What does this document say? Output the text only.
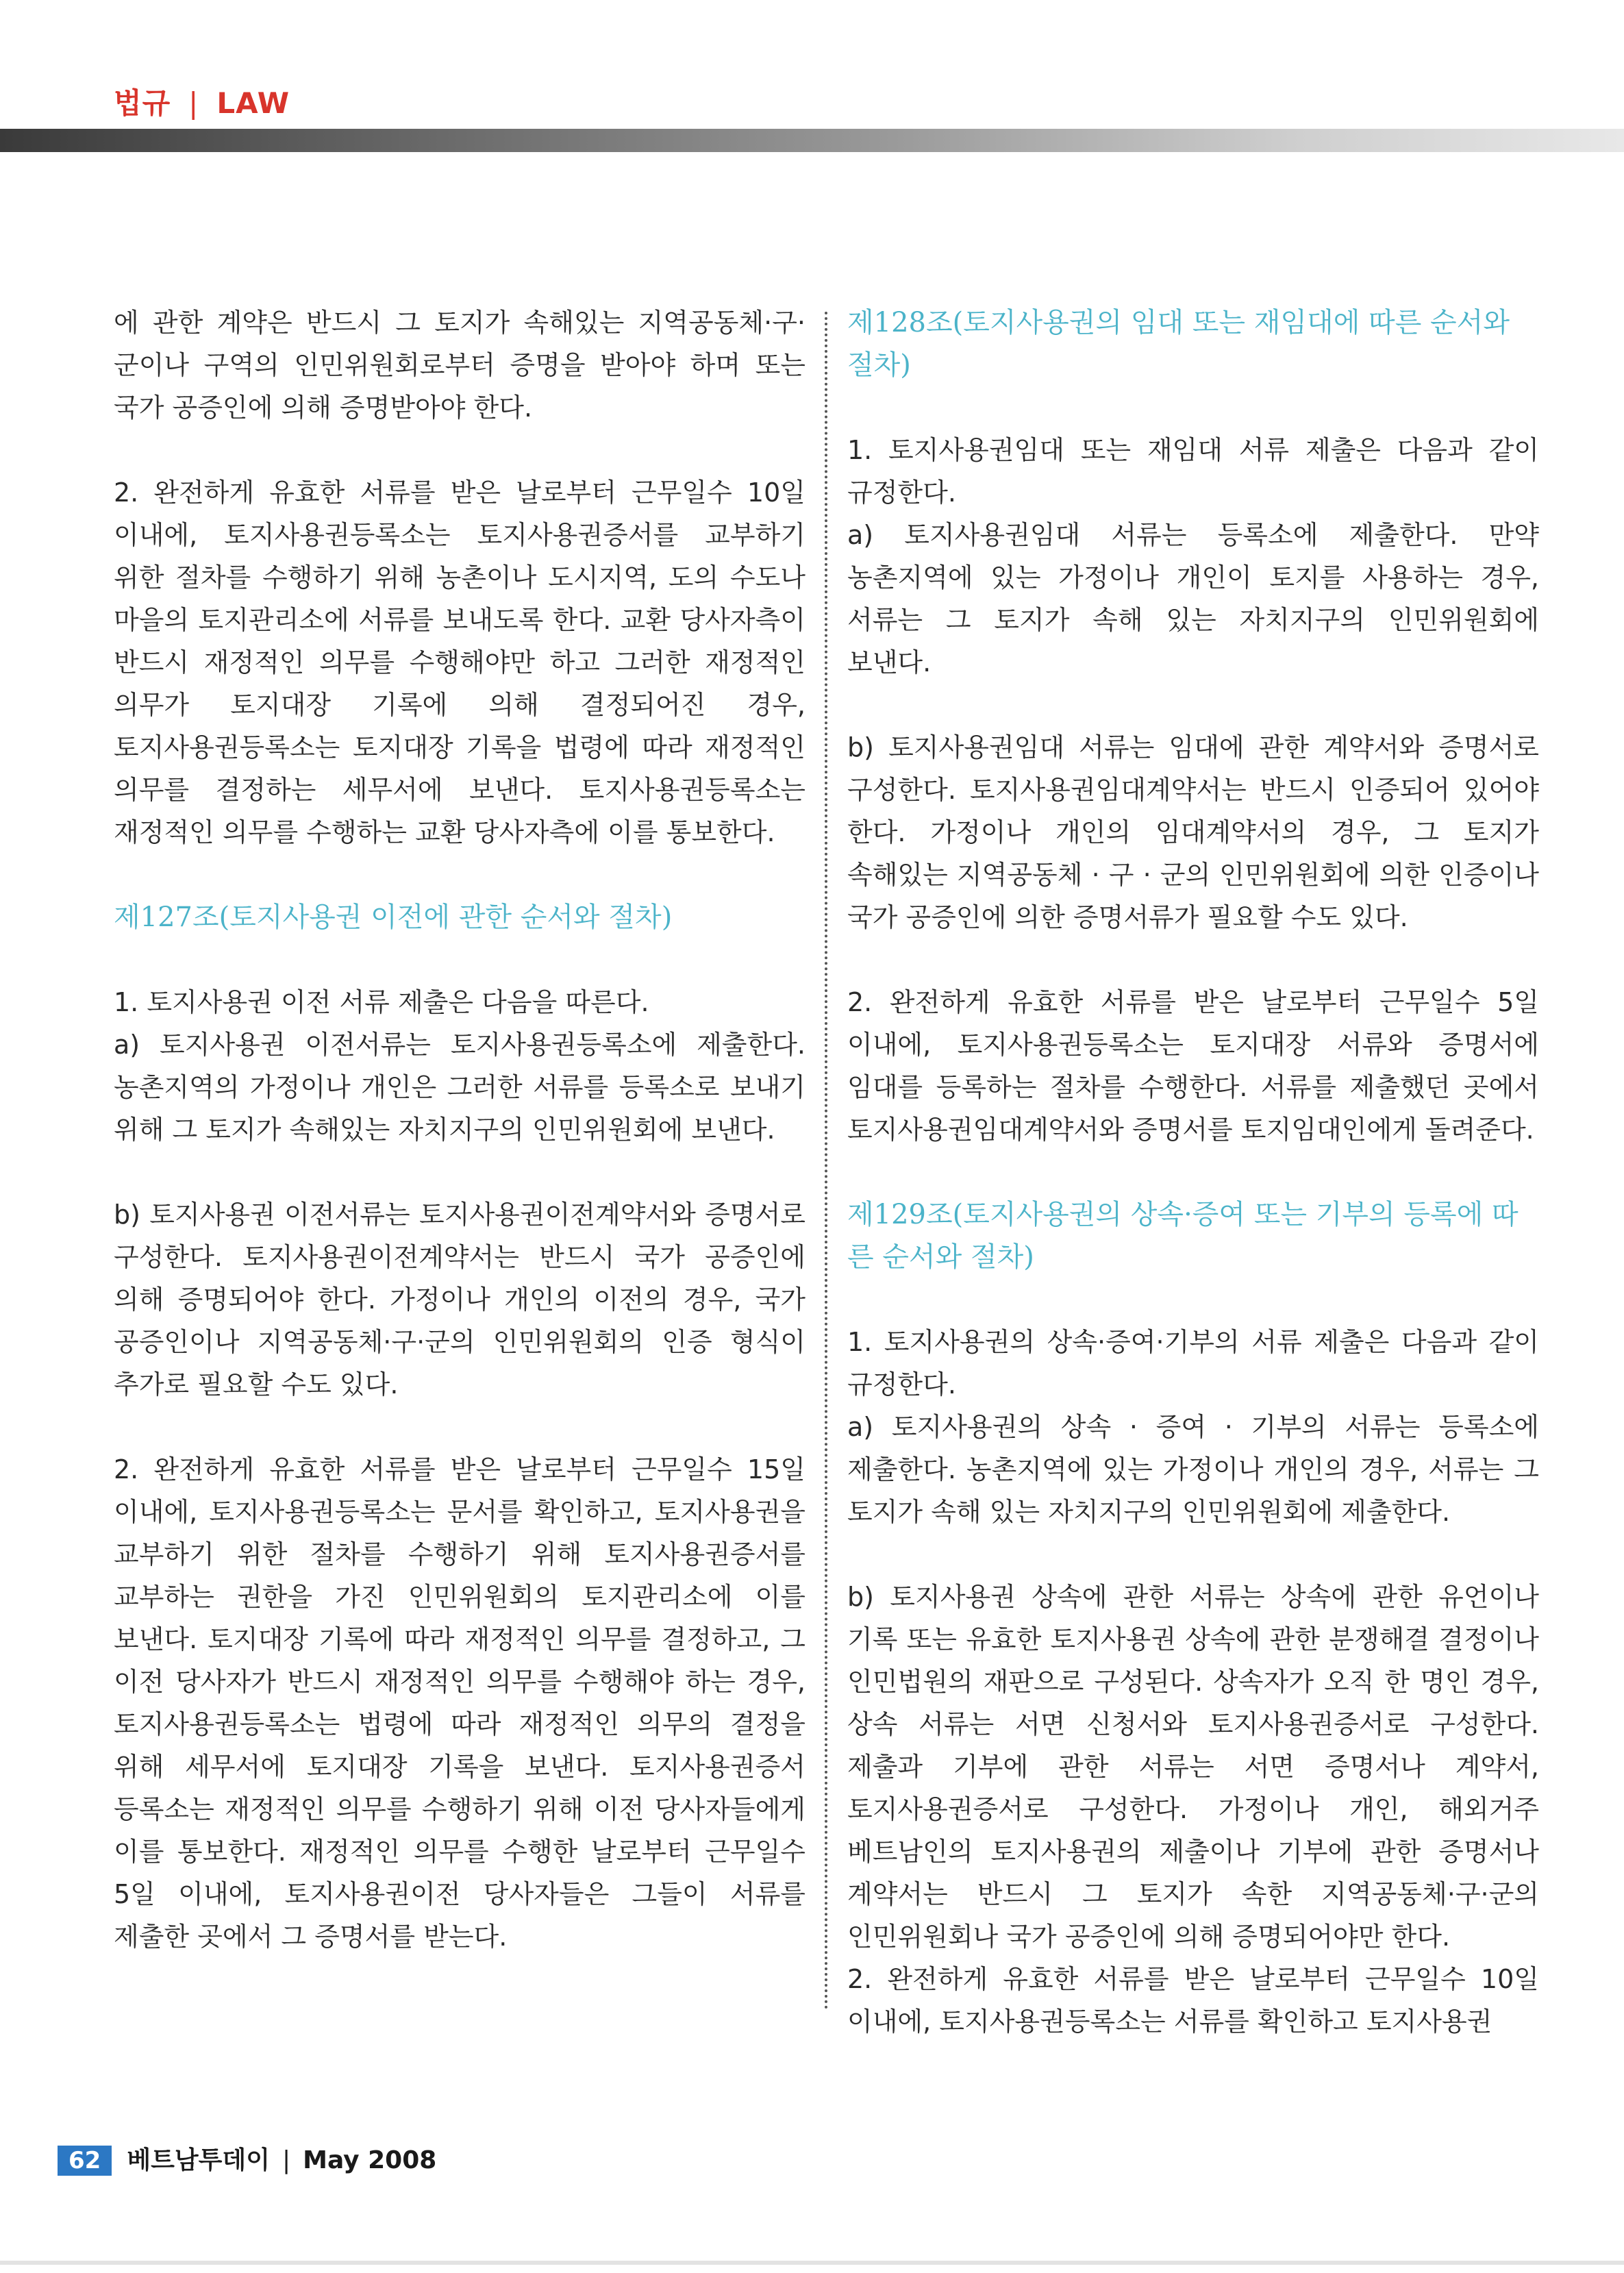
법규 | LAW

에 관한 계약은 반드시 그 토지가 속해있는 지역공동체·구·군이나 구역의 인민위원회로부터 증명을 받아야 하며 또는 국가 공증인에 의해 증명받아야 한다.

2. 완전하게 유효한 서류를 받은 날로부터 근무일수 10일 이내에, 토지사용권등록소는 토지사용권증서를 교부하기 위한 절차를 수행하기 위해 농촌이나 도시지역, 도의 수도나 마을의 토지관리소에 서류를 보내도록 한다. 교환 당사자측이 반드시 재정적인 의무를 수행해야만 하고 그러한 재정적인 의무가 토지대장 기록에 의해 결정되어진 경우, 토지사용권등록소는 토지대장 기록을 법령에 따라 재정적인 의무를 결정하는 세무서에 보낸다. 토지사용권등록소는 재정적인 의무를 수행하는 교환 당사자측에 이를 통보한다.

제127조(토지사용권 이전에 관한 순서와 절차)

1. 토지사용권 이전 서류 제출은 다음을 따른다.

a) 토지사용권 이전서류는 토지사용권등록소에 제출한다. 농촌지역의 가정이나 개인은 그러한 서류를 등록소로 보내기 위해 그 토지가 속해있는 자치지구의 인민위원회에 보낸다.

b) 토지사용권 이전서류는 토지사용권이전계약서와 증명서로 구성한다. 토지사용권이전계약서는 반드시 국가 공증인에 의해 증명되어야 한다. 가정이나 개인의 이전의 경우, 국가 공증인이나 지역공동체·구·군의 인민위원회의 인증 형식이 추가로 필요할 수도 있다.

2. 완전하게 유효한 서류를 받은 날로부터 근무일수 15일 이내에, 토지사용권등록소는 문서를 확인하고, 토지사용권을 교부하기 위한 절차를 수행하기 위해 토지사용권증서를 교부하는 권한을 가진 인민위원회의 토지관리소에 이를 보낸다. 토지대장 기록에 따라 재정적인 의무를 결정하고, 그 이전 당사자가 반드시 재정적인 의무를 수행해야 하는 경우, 토지사용권등록소는 법령에 따라 재정적인 의무의 결정을 위해 세무서에 토지대장 기록을 보낸다. 토지사용권증서 등록소는 재정적인 의무를 수행하기 위해 이전 당사자들에게 이를 통보한다. 재정적인 의무를 수행한 날로부터 근무일수 5일 이내에, 토지사용권이전 당사자들은 그들이 서류를 제출한 곳에서 그 증명서를 받는다.

제128조(토지사용권의 임대 또는 재임대에 따른 순서와 절차)

1. 토지사용권임대 또는 재임대 서류 제출은 다음과 같이 규정한다.

a) 토지사용권임대 서류는 등록소에 제출한다. 만약 농촌지역에 있는 가정이나 개인이 토지를 사용하는 경우, 서류는 그 토지가 속해 있는 자치지구의 인민위원회에 보낸다.

b) 토지사용권임대 서류는 임대에 관한 계약서와 증명서로 구성한다. 토지사용권임대계약서는 반드시 인증되어 있어야 한다. 가정이나 개인의 임대계약서의 경우, 그 토지가 속해있는 지역공동체 · 구 · 군의 인민위원회에 의한 인증이나 국가 공증인에 의한 증명서류가 필요할 수도 있다.

2. 완전하게 유효한 서류를 받은 날로부터 근무일수 5일 이내에, 토지사용권등록소는 토지대장 서류와 증명서에 임대를 등록하는 절차를 수행한다. 서류를 제출했던 곳에서 토지사용권임대계약서와 증명서를 토지임대인에게 돌려준다.

제129조(토지사용권의 상속·증여 또는 기부의 등록에 따른 순서와 절차)

1. 토지사용권의 상속·증여·기부의 서류 제출은 다음과 같이 규정한다.

a) 토지사용권의 상속 · 증여 · 기부의 서류는 등록소에 제출한다. 농촌지역에 있는 가정이나 개인의 경우, 서류는 그 토지가 속해 있는 자치지구의 인민위원회에 제출한다.

b) 토지사용권 상속에 관한 서류는 상속에 관한 유언이나 기록 또는 유효한 토지사용권 상속에 관한 분쟁해결 결정이나 인민법원의 재판으로 구성된다. 상속자가 오직 한 명인 경우, 상속 서류는 서면 신청서와 토지사용권증서로 구성한다. 제출과 기부에 관한 서류는 서면 증명서나 계약서, 토지사용권증서로 구성한다. 가정이나 개인, 해외거주 베트남인의 토지사용권의 제출이나 기부에 관한 증명서나 계약서는 반드시 그 토지가 속한 지역공동체·구·군의 인민위원회나 국가 공증인에 의해 증명되어야만 한다.

2. 완전하게 유효한 서류를 받은 날로부터 근무일수 10일 이내에, 토지사용권등록소는 서류를 확인하고 토지사용권

62 베트남투데이 | May 2008
